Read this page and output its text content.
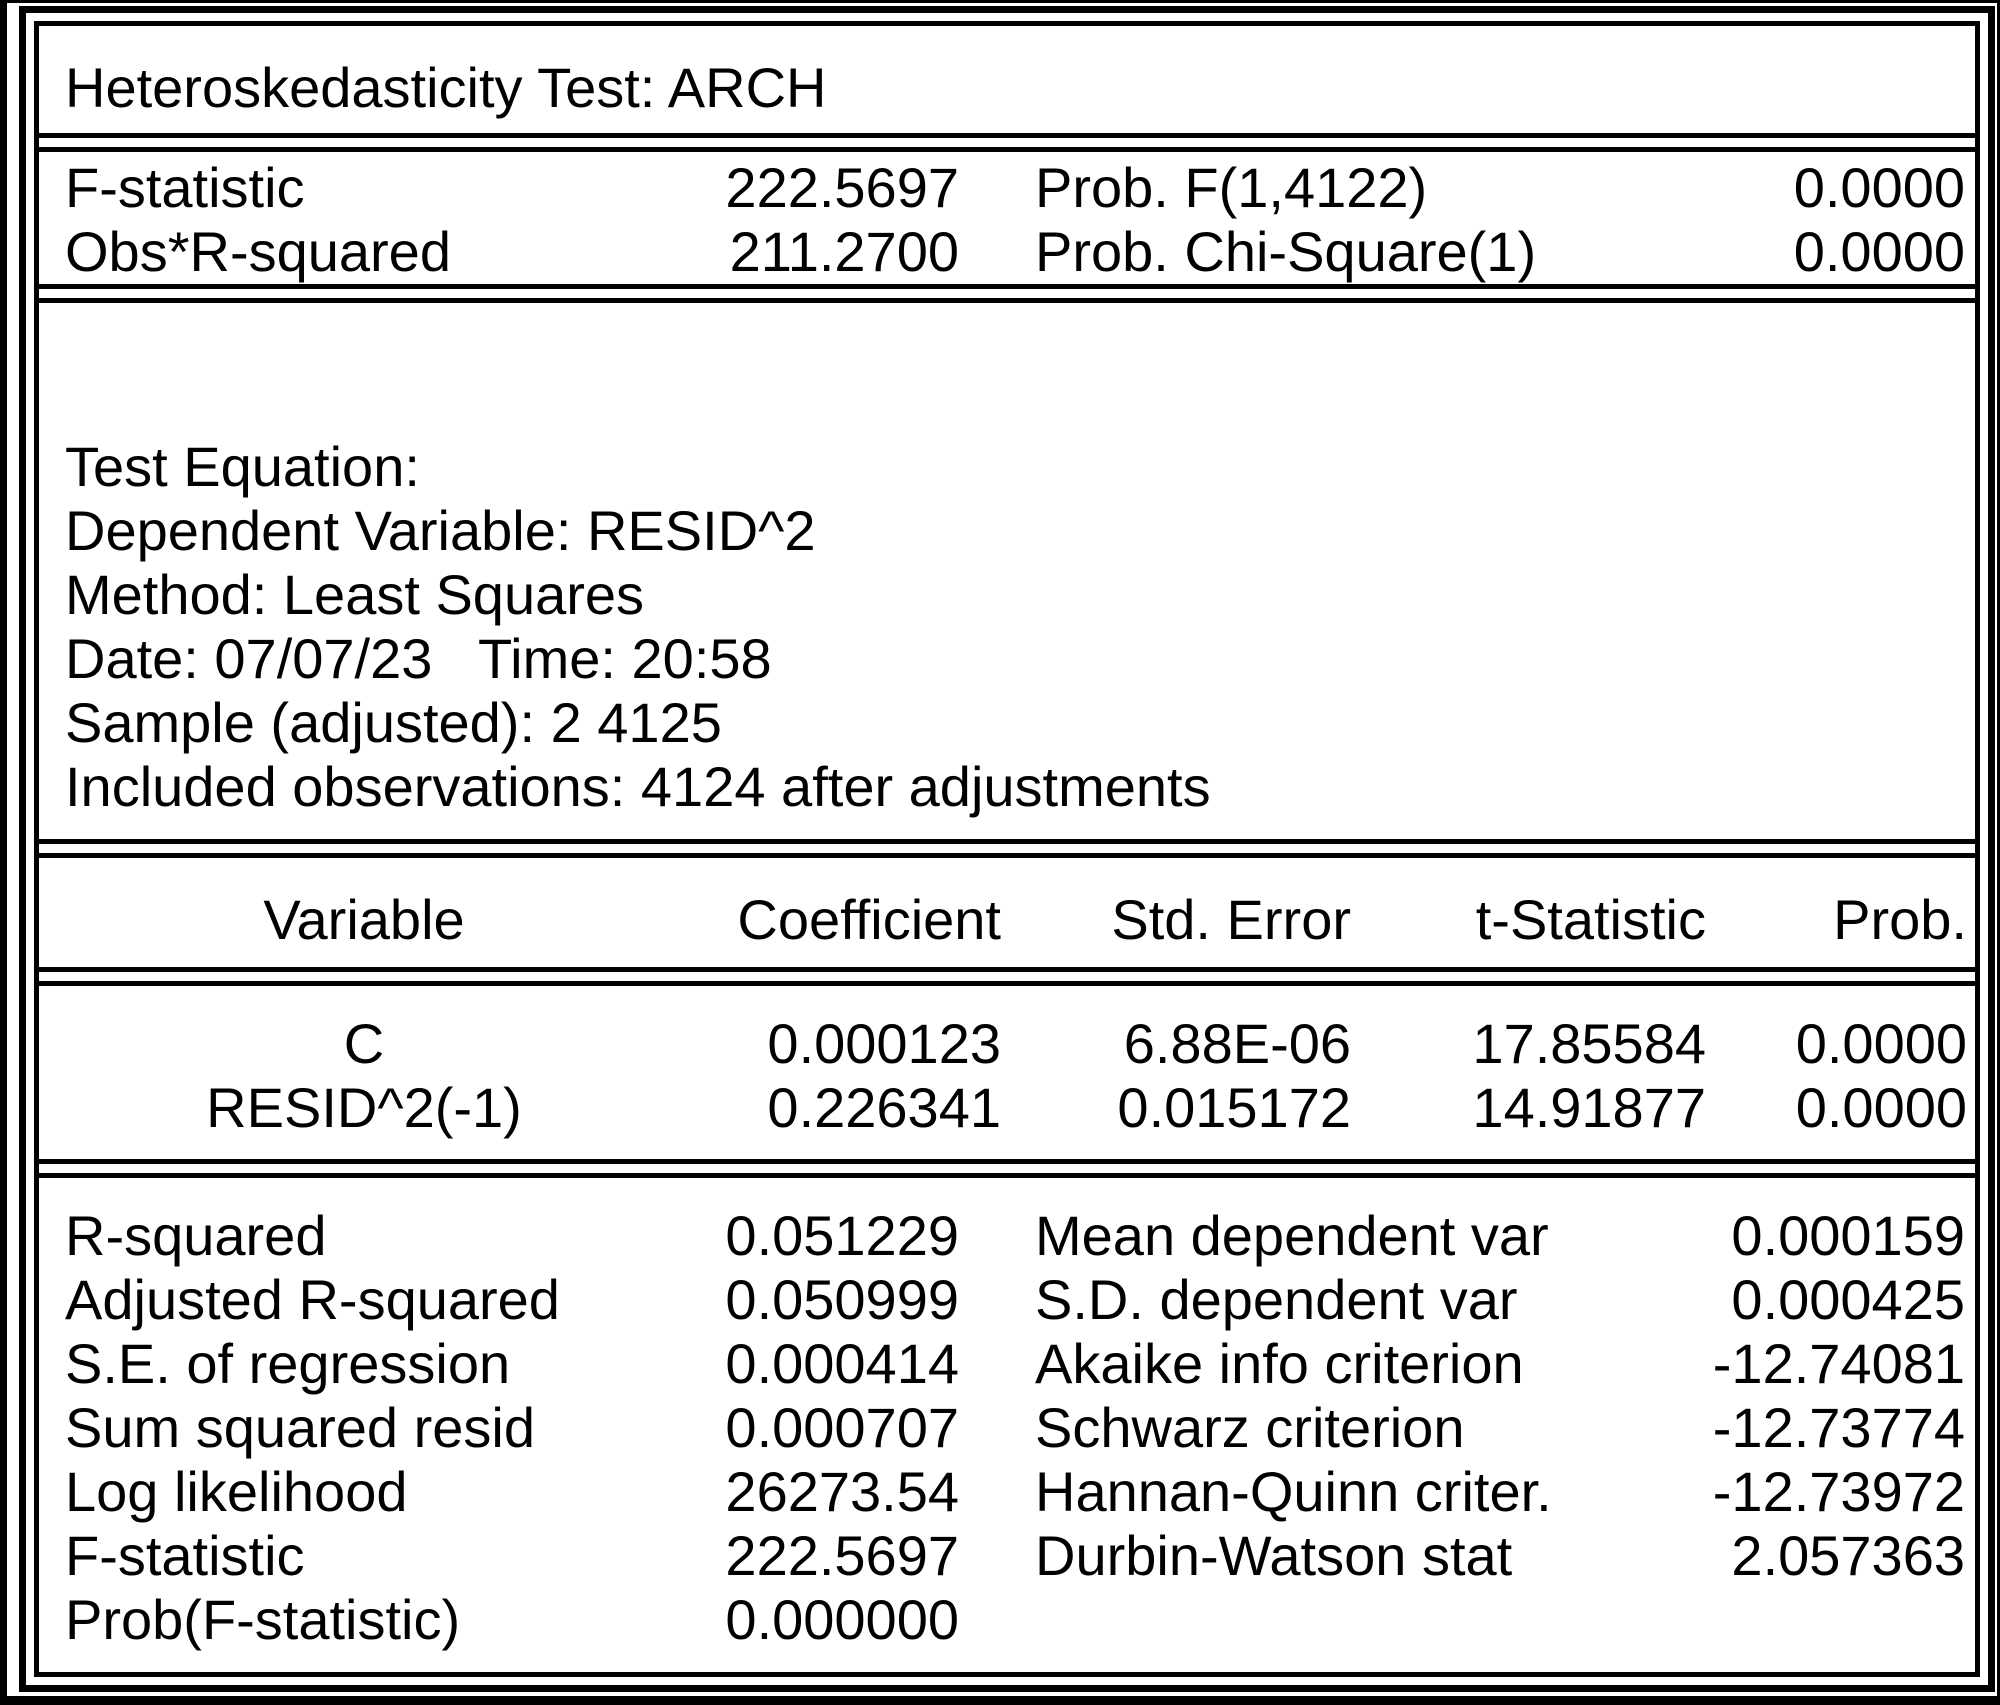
Heteroskedasticity Test: ARCH
F-statistic	222.5697	Prob. F(1,4122)	0.0000
Obs*R-squared	211.2700	Prob. Chi-Square(1)	0.0000
Test Equation:
Dependent Variable: RESID^2
Method: Least Squares
Date: 07/07/23   Time: 20:58
Sample (adjusted): 2 4125
Included observations: 4124 after adjustments
Variable	Coefficient	Std. Error	t-Statistic	Prob.
C	0.000123	6.88E-06	17.85584	0.0000
RESID^2(-1)	0.226341	0.015172	14.91877	0.0000
R-squared	0.051229	Mean dependent var	0.000159
Adjusted R-squared	0.050999	S.D. dependent var	0.000425
S.E. of regression	0.000414	Akaike info criterion	-12.74081
Sum squared resid	0.000707	Schwarz criterion	-12.73774
Log likelihood	26273.54	Hannan-Quinn criter.	-12.73972
F-statistic	222.5697	Durbin-Watson stat	2.057363
Prob(F-statistic)	0.000000
